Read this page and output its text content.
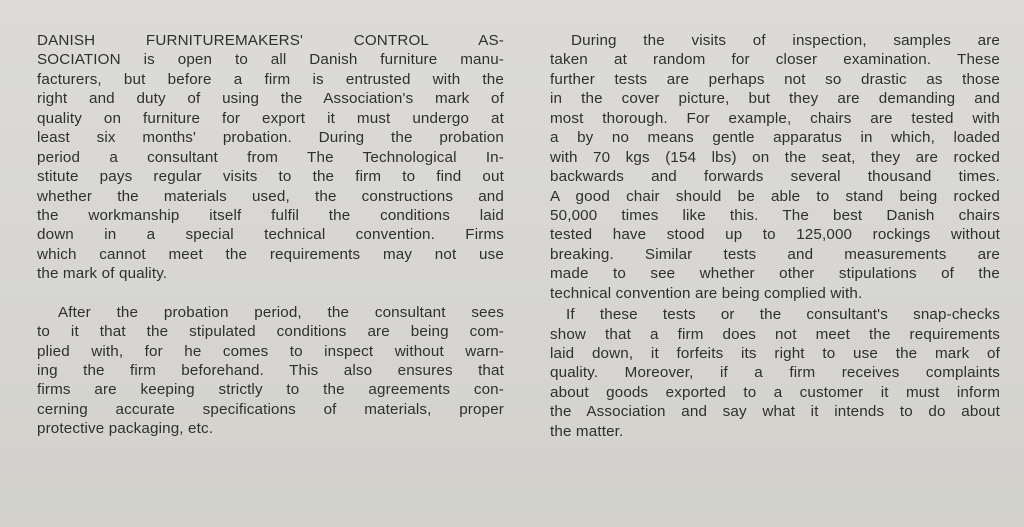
DANISH FURNITUREMAKERS' CONTROL AS-
SOCIATION is open to all Danish furniture manu-
facturers, but before a firm is entrusted with the
right and duty of using the Association's mark of
quality on furniture for export it must undergo at
least six months' probation. During the probation
period a consultant from The Technological In-
stitute pays regular visits to the firm to find out
whether the materials used, the constructions and
the workmanship itself fulfil the conditions laid
down in a special technical convention. Firms
which cannot meet the requirements may not use
the mark of quality.
After the probation period, the consultant sees
to it that the stipulated conditions are being com-
plied with, for he comes to inspect without warn-
ing the firm beforehand. This also ensures that
firms are keeping strictly to the agreements con-
cerning accurate specifications of materials, proper
protective packaging, etc.
During the visits of inspection, samples are
taken at random for closer examination. These
further tests are perhaps not so drastic as those
in the cover picture, but they are demanding and
most thorough. For example, chairs are tested with
a by no means gentle apparatus in which, loaded
with 70 kgs (154 lbs) on the seat, they are rocked
backwards and forwards several thousand times.
A good chair should be able to stand being rocked
50,000 times like this. The best Danish chairs
tested have stood up to 125,000 rockings without
breaking. Similar tests and measurements are
made to see whether other stipulations of the
technical convention are being complied with.
If these tests or the consultant's snap-checks
show that a firm does not meet the requirements
laid down, it forfeits its right to use the mark of
quality. Moreover, if a firm receives complaints
about goods exported to a customer it must inform
the Association and say what it intends to do about
the matter.
